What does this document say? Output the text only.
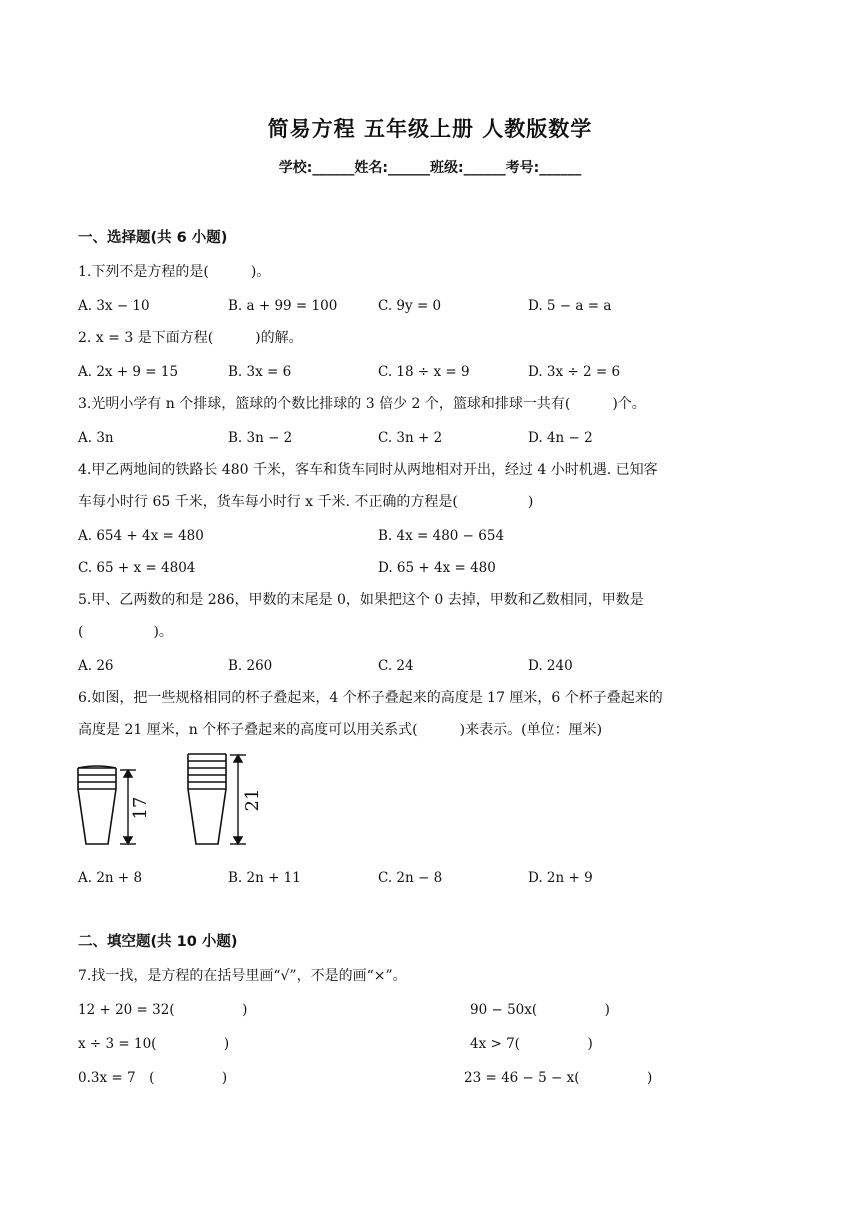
简易方程 五年级上册 人教版数学
学校:______姓名:______班级:______考号:______
一、选择题(共 6 小题)
1.下列不是方程的是(　　　)。
A. 3x − 10	B. a + 99 = 100	C. 9y = 0	D. 5 − a = a
2. x = 3 是下面方程(　　　)的解。
A. 2x + 9 = 15	B. 3x = 6	C. 18 ÷ x = 9	D. 3x ÷ 2 = 6
3.光明小学有 n 个排球，篮球的个数比排球的 3 倍少 2 个，篮球和排球一共有(　　　)个。
A. 3n	B. 3n − 2	C. 3n + 2	D. 4n − 2
4.甲乙两地间的铁路长 480 千米，客车和货车同时从两地相对开出，经过 4 小时机遇. 已知客
车每小时行 65 千米，货车每小时行 x 千米. 不正确的方程是(　　　　　)
A. 654 + 4x = 480	B. 4x = 480 − 654
C. 65 + x = 4804	D. 65 + 4x = 480
5.甲、乙两数的和是 286，甲数的末尾是 0，如果把这个 0 去掉，甲数和乙数相同，甲数是
(　　　　　)。
A. 26	B. 260	C. 24	D. 240
6.如图，把一些规格相同的杯子叠起来，4 个杯子叠起来的高度是 17 厘米，6 个杯子叠起来的
高度是 21 厘米，n 个杯子叠起来的高度可以用关系式(　　　)来表示。(单位：厘米)
17	21
A. 2n + 8	B. 2n + 11	C. 2n − 8	D. 2n + 9
二、填空题(共 10 小题)
7.找一找，是方程的在括号里画“√”，不是的画“×”。
12 + 20 = 32(　　　　　)	90 − 50x(　　　　　)
x ÷ 3 = 10(　　　　　)	4x > 7(　　　　　)
0.3x = 7　(　　　　　)	23 = 46 − 5 − x(　　　　　)
